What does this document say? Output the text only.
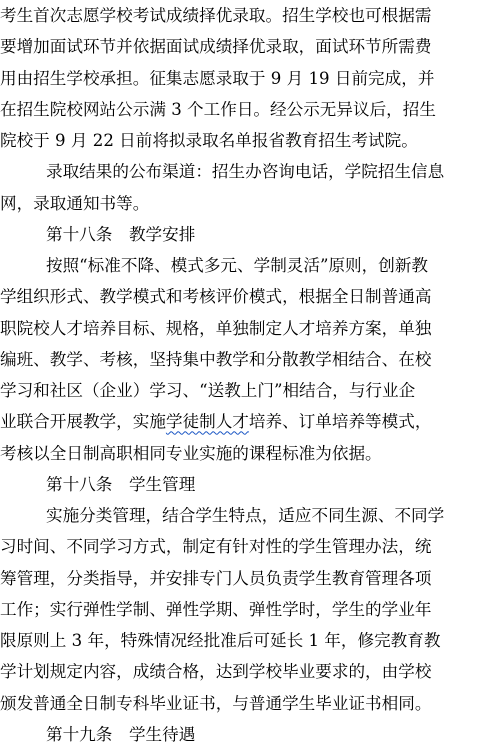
考生首次志愿学校考试成绩择优录取。招生学校也可根据需
要增加面试环节并依据面试成绩择优录取，面试环节所需费
用由招生学校承担。征集志愿录取于 9 月 19 日前完成，并
在招生院校网站公示满 3 个工作日。经公示无异议后，招生
院校于 9 月 22 日前将拟录取名单报省教育招生考试院。
录取结果的公布渠道：招生办咨询电话，学院招生信息
网，录取通知书等。
第十八条　教学安排
按照“标准不降、模式多元、学制灵活”原则，创新教
学组织形式、教学模式和考核评价模式，根据全日制普通高
职院校人才培养目标、规格，单独制定人才培养方案，单独
编班、教学、考核，坚持集中教学和分散教学相结合、在校
学习和社区（企业）学习、“送教上门”相结合，与行业企
业联合开展教学，实施学徒制人才培养、订单培养等模式，
考核以全日制高职相同专业实施的课程标准为依据。
第十八条　学生管理
实施分类管理，结合学生特点，适应不同生源、不同学
习时间、不同学习方式，制定有针对性的学生管理办法，统
筹管理，分类指导，并安排专门人员负责学生教育管理各项
工作；实行弹性学制、弹性学期、弹性学时，学生的学业年
限原则上 3 年，特殊情况经批准后可延长 1 年，修完教育教
学计划规定内容，成绩合格，达到学校毕业要求的，由学校
颁发普通全日制专科毕业证书，与普通学生毕业证书相同。
第十九条　学生待遇
